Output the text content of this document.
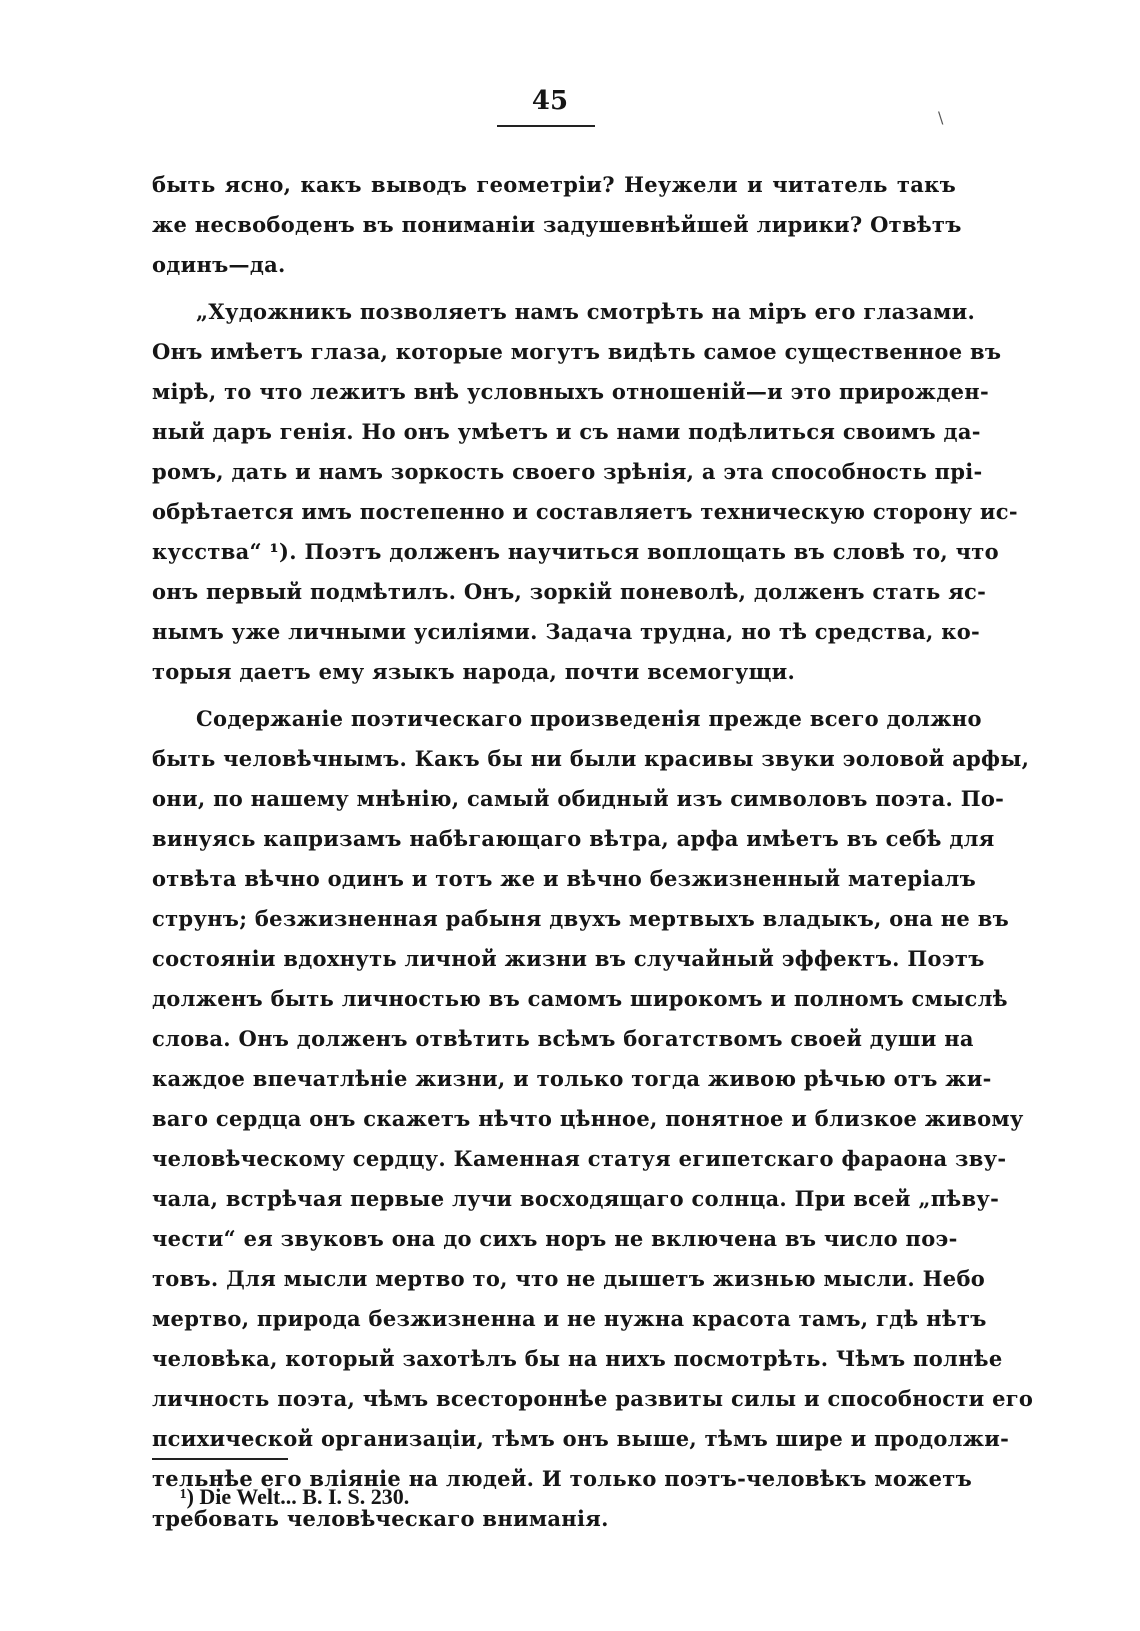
45
\
быть ясно, какъ выводъ геометріи? Неужели и читатель такъ
же несвободенъ въ пониманіи задушевнѣйшей лирики? Отвѣтъ
одинъ—да.
„Художникъ позволяетъ намъ смотрѣть на міръ его глазами.
Онъ имѣетъ глаза, которые могутъ видѣть самое существенное въ
мірѣ, то что лежитъ внѣ условныхъ отношеній—и это прирожден-
ный даръ генія. Но онъ умѣетъ и съ нами подѣлиться своимъ да-
ромъ, дать и намъ зоркость своего зрѣнія, а эта способность прі-
обрѣтается имъ постепенно и составляетъ техническую сторону ис-
кусства“ ¹). Поэтъ долженъ научиться воплощать въ словѣ то, что
онъ первый подмѣтилъ. Онъ, зоркій поневолѣ, долженъ стать яс-
нымъ уже личными усиліями. Задача трудна, но тѣ средства, ко-
торыя даетъ ему языкъ народа, почти всемогущи.
Содержаніе поэтическаго произведенія прежде всего должно
быть человѣчнымъ. Какъ бы ни были красивы звуки эоловой арфы,
они, по нашему мнѣнію, самый обидный изъ символовъ поэта. По-
винуясь капризамъ набѣгающаго вѣтра, арфа имѣетъ въ себѣ для
отвѣта вѣчно одинъ и тотъ же и вѣчно безжизненный матеріалъ
струнъ; безжизненная рабыня двухъ мертвыхъ владыкъ, она не въ
состояніи вдохнуть личной жизни въ случайный эффектъ. Поэтъ
долженъ быть личностью въ самомъ широкомъ и полномъ смыслѣ
слова. Онъ долженъ отвѣтить всѣмъ богатствомъ своей души на
каждое впечатлѣніе жизни, и только тогда живою рѣчью отъ жи-
ваго сердца онъ скажетъ нѣчто цѣнное, понятное и близкое живому
человѣческому сердцу. Каменная статуя египетскаго фараона зву-
чала, встрѣчая первые лучи восходящаго солнца. При всей „пѣву-
чести“ ея звуковъ она до сихъ норъ не включена въ число поэ-
товъ. Для мысли мертво то, что не дышетъ жизнью мысли. Небо
мертво, природа безжизненна и не нужна красота тамъ, гдѣ нѣтъ
человѣка, который захотѣлъ бы на нихъ посмотрѣть. Чѣмъ полнѣе
личность поэта, чѣмъ всестороннѣе развиты силы и способности его
психической организаціи, тѣмъ онъ выше, тѣмъ шире и продолжи-
тельнѣе его вліяніе на людей. И только поэтъ-человѣкъ можетъ
требовать человѣческаго вниманія.
¹) Die Welt... B. I. S. 230.
